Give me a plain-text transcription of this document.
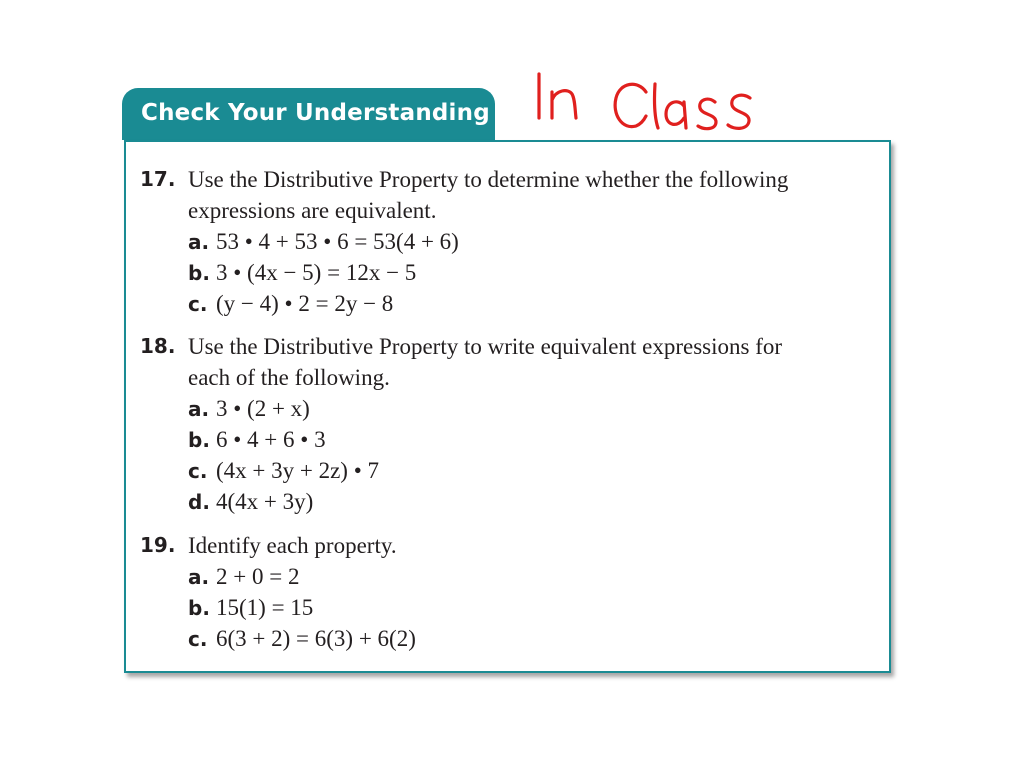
Check Your Understanding
17. Use the Distributive Property to determine whether the following
expressions are equivalent.
a. 53 • 4 + 53 • 6 = 53(4 + 6)
b. 3 • (4x − 5) = 12x − 5
c. (y − 4) • 2 = 2y − 8
18. Use the Distributive Property to write equivalent expressions for
each of the following.
a. 3 • (2 + x)
b. 6 • 4 + 6 • 3
c. (4x + 3y + 2z) • 7
d. 4(4x + 3y)
19. Identify each property.
a. 2 + 0 = 2
b. 15(1) = 15
c. 6(3 + 2) = 6(3) + 6(2)
